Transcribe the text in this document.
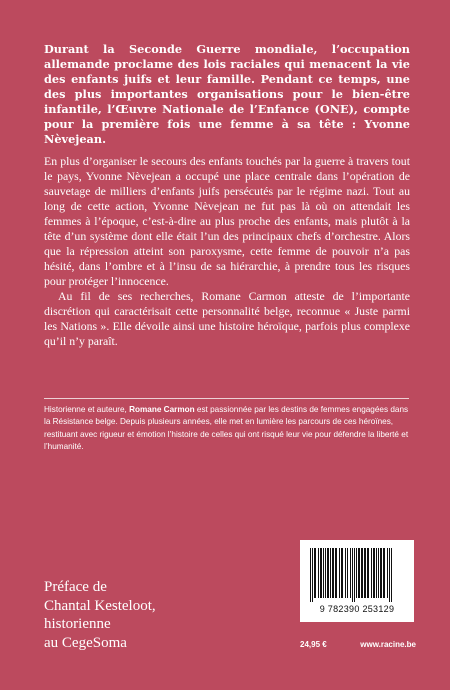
Durant la Seconde Guerre mondiale, l’occupation allemande proclame des lois raciales qui menacent la vie des enfants juifs et leur famille. Pendant ce temps, une des plus importantes organisations pour le bien-être infantile, l’Œuvre Nationale de l’Enfance (ONE), compte pour la première fois une femme à sa tête : Yvonne Nèvejean.

En plus d’organiser le secours des enfants touchés par la guerre à travers tout le pays, Yvonne Nèvejean a occupé une place centrale dans l’opération de sauvetage de milliers d’enfants juifs persécutés par le régime nazi. Tout au long de cette action, Yvonne Nèvejean ne fut pas là où on attendait les femmes à l’époque, c’est-à-dire au plus proche des enfants, mais plutôt à la tête d’un système dont elle était l’un des principaux chefs d’orchestre. Alors que la répression atteint son paroxysme, cette femme de pouvoir n’a pas hésité, dans l’ombre et à l’insu de sa hiérarchie, à prendre tous les risques pour protéger l’innocence.

Au fil de ses recherches, Romane Carmon atteste de l’importante discrétion qui caractérisait cette personnalité belge, reconnue « Juste parmi les Nations ». Elle dévoile ainsi une histoire héroïque, parfois plus complexe qu’il n’y paraît.

Historienne et auteure, Romane Carmon est passionnée par les destins de femmes engagées dans la Résistance belge. Depuis plusieurs années, elle met en lumière les parcours de ces héroïnes, restituant avec rigueur et émotion l’histoire de celles qui ont risqué leur vie pour défendre la liberté et l’humanité.

Préface de
Chantal Kesteloot,
historienne
au CegeSoma
9 782390 253129
24,95 €	www.racine.be
